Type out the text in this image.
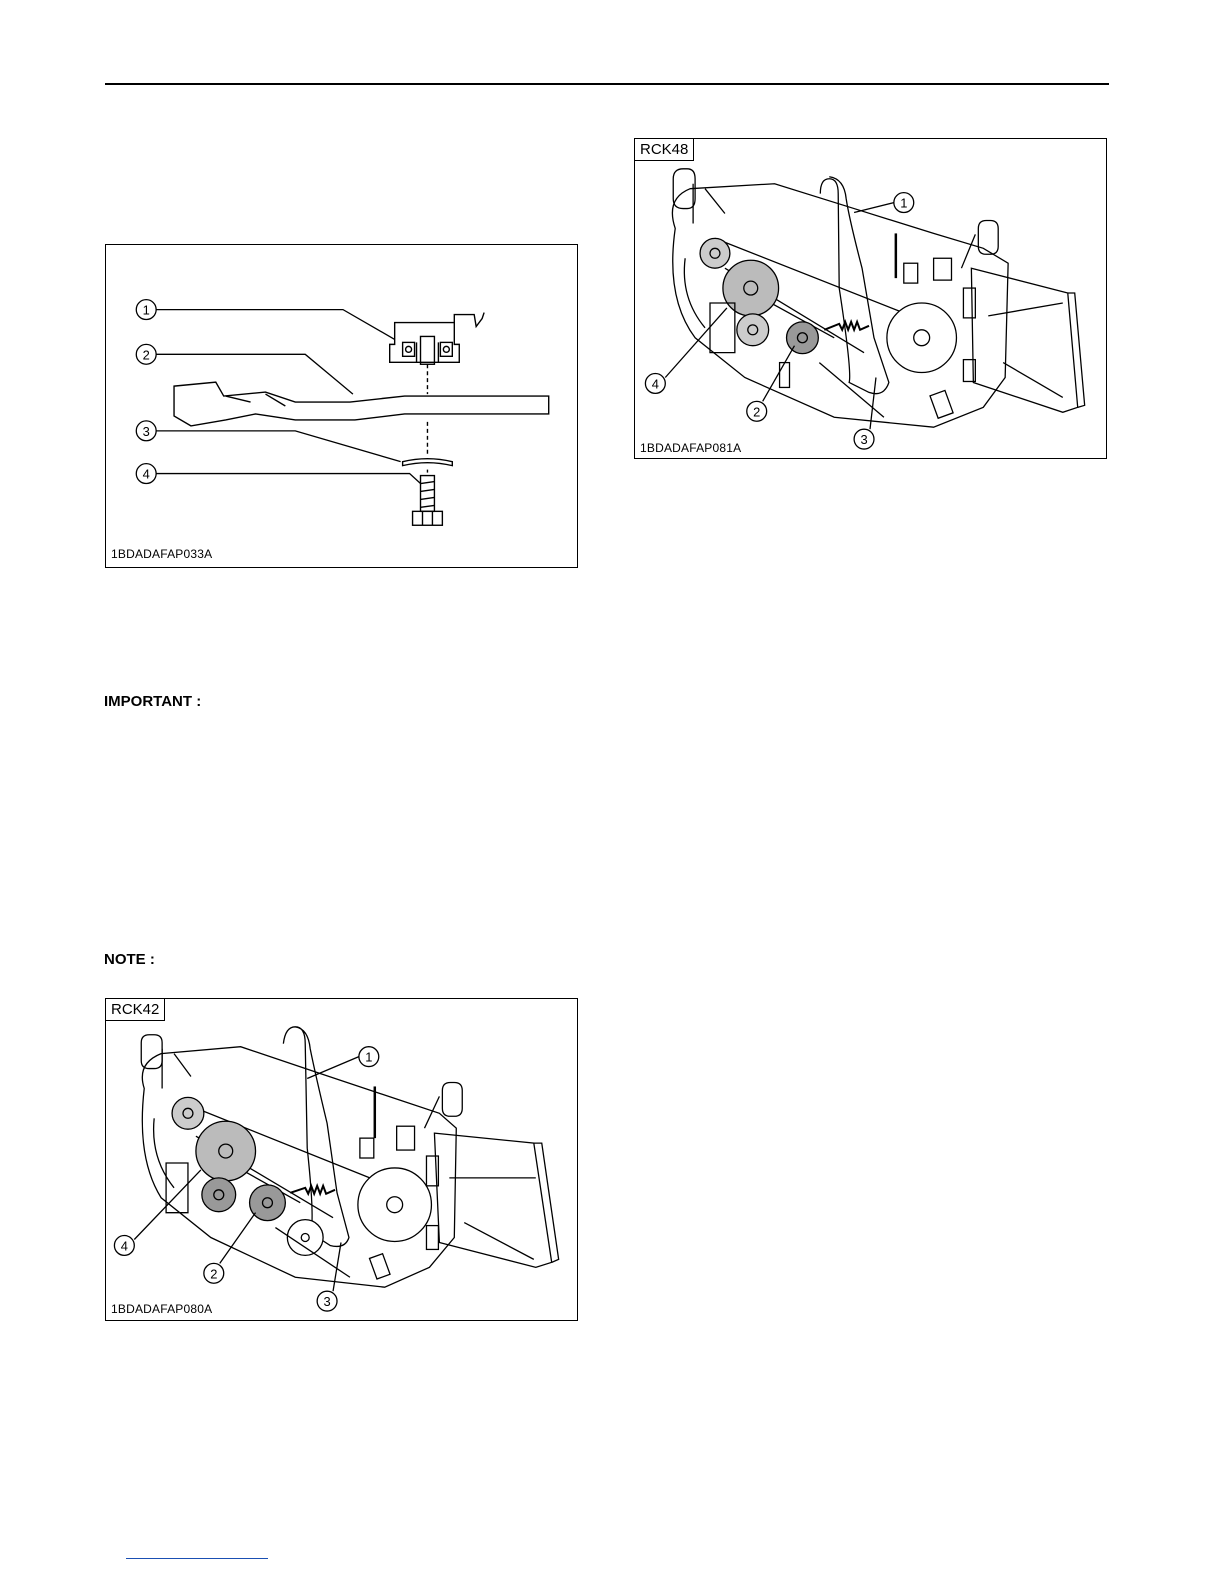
1
2
3
4
1BDADAFAP033A
1
4
2
3
RCK48
1BDADAFAP081A
IMPORTANT :
NOTE :
1
4
2
3
RCK42
1BDADAFAP080A
